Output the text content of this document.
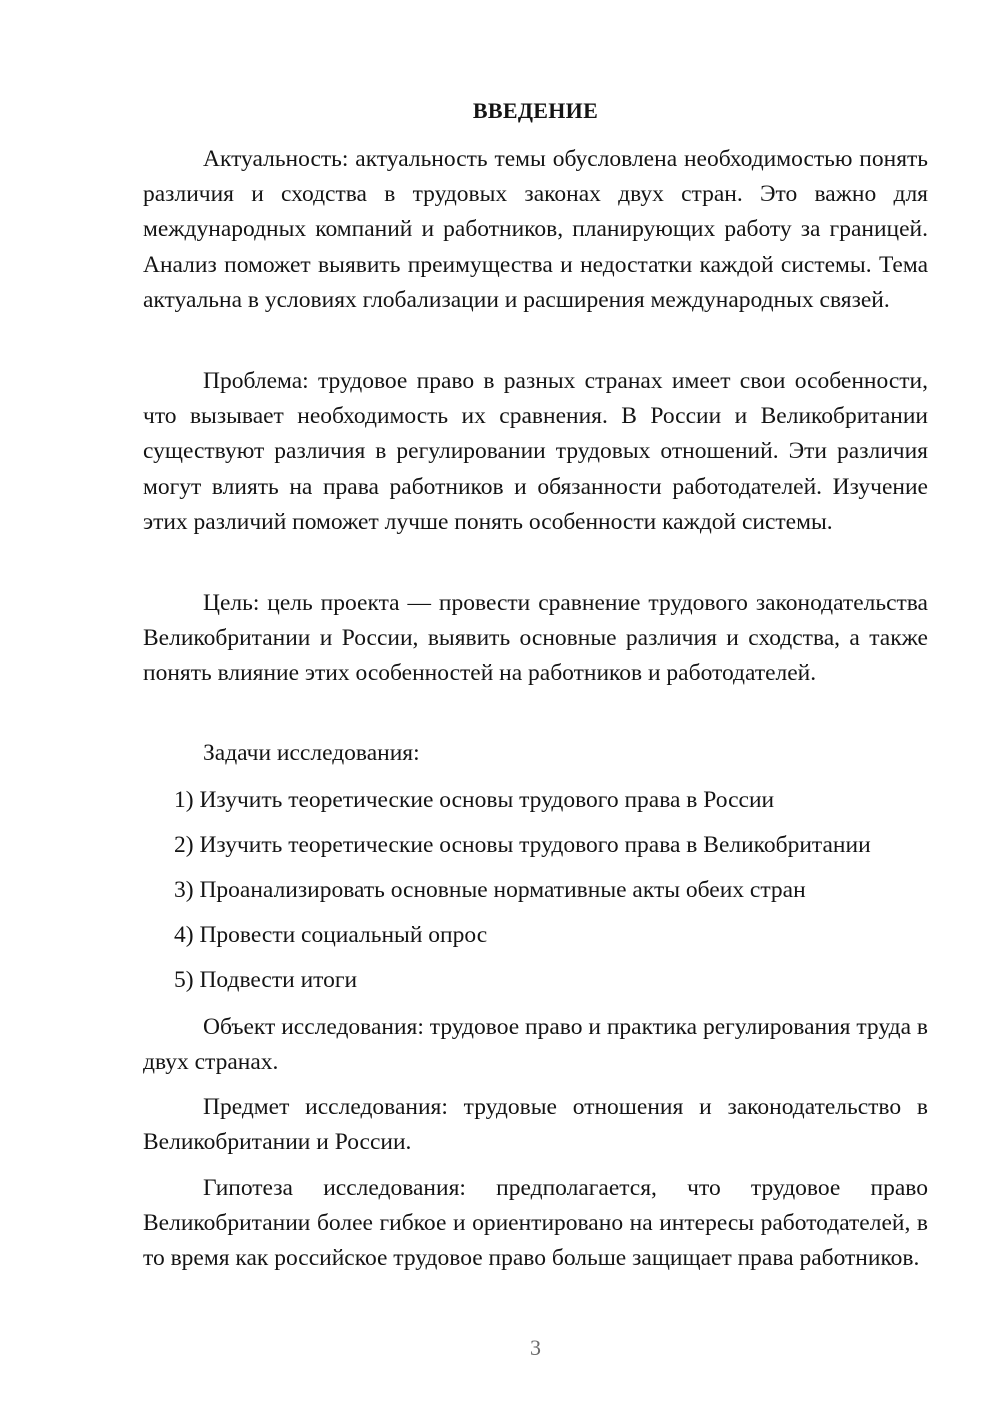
ВВЕДЕНИЕ

Актуальность: актуальность темы обусловлена необходимостью понять различия и сходства в трудовых законах двух стран. Это важно для международных компаний и работников, планирующих работу за границей. Анализ поможет выявить преимущества и недостатки каждой системы. Тема актуальна в условиях глобализации и расширения международных связей.

Проблема: трудовое право в разных странах имеет свои особенности, что вызывает необходимость их сравнения. В России и Великобритании существуют различия в регулировании трудовых отношений. Эти различия могут влиять на права работников и обязанности работодателей. Изучение этих различий поможет лучше понять особенности каждой системы.

Цель: цель проекта — провести сравнение трудового законодательства Великобритании и России, выявить основные различия и сходства, а также понять влияние этих особенностей на работников и работодателей.

Задачи исследования:
1) Изучить теоретические основы трудового права в России
2) Изучить теоретические основы трудового права в Великобритании
3) Проанализировать основные нормативные акты обеих стран
4) Провести социальный опрос
5) Подвести итоги

Объект исследования: трудовое право и практика регулирования труда в двух странах.

Предмет исследования: трудовые отношения и законодательство в Великобритании и России.

Гипотеза исследования: предполагается, что трудовое право Великобритании более гибкое и ориентировано на интересы работодателей, в то время как российское трудовое право больше защищает права работников.

3
